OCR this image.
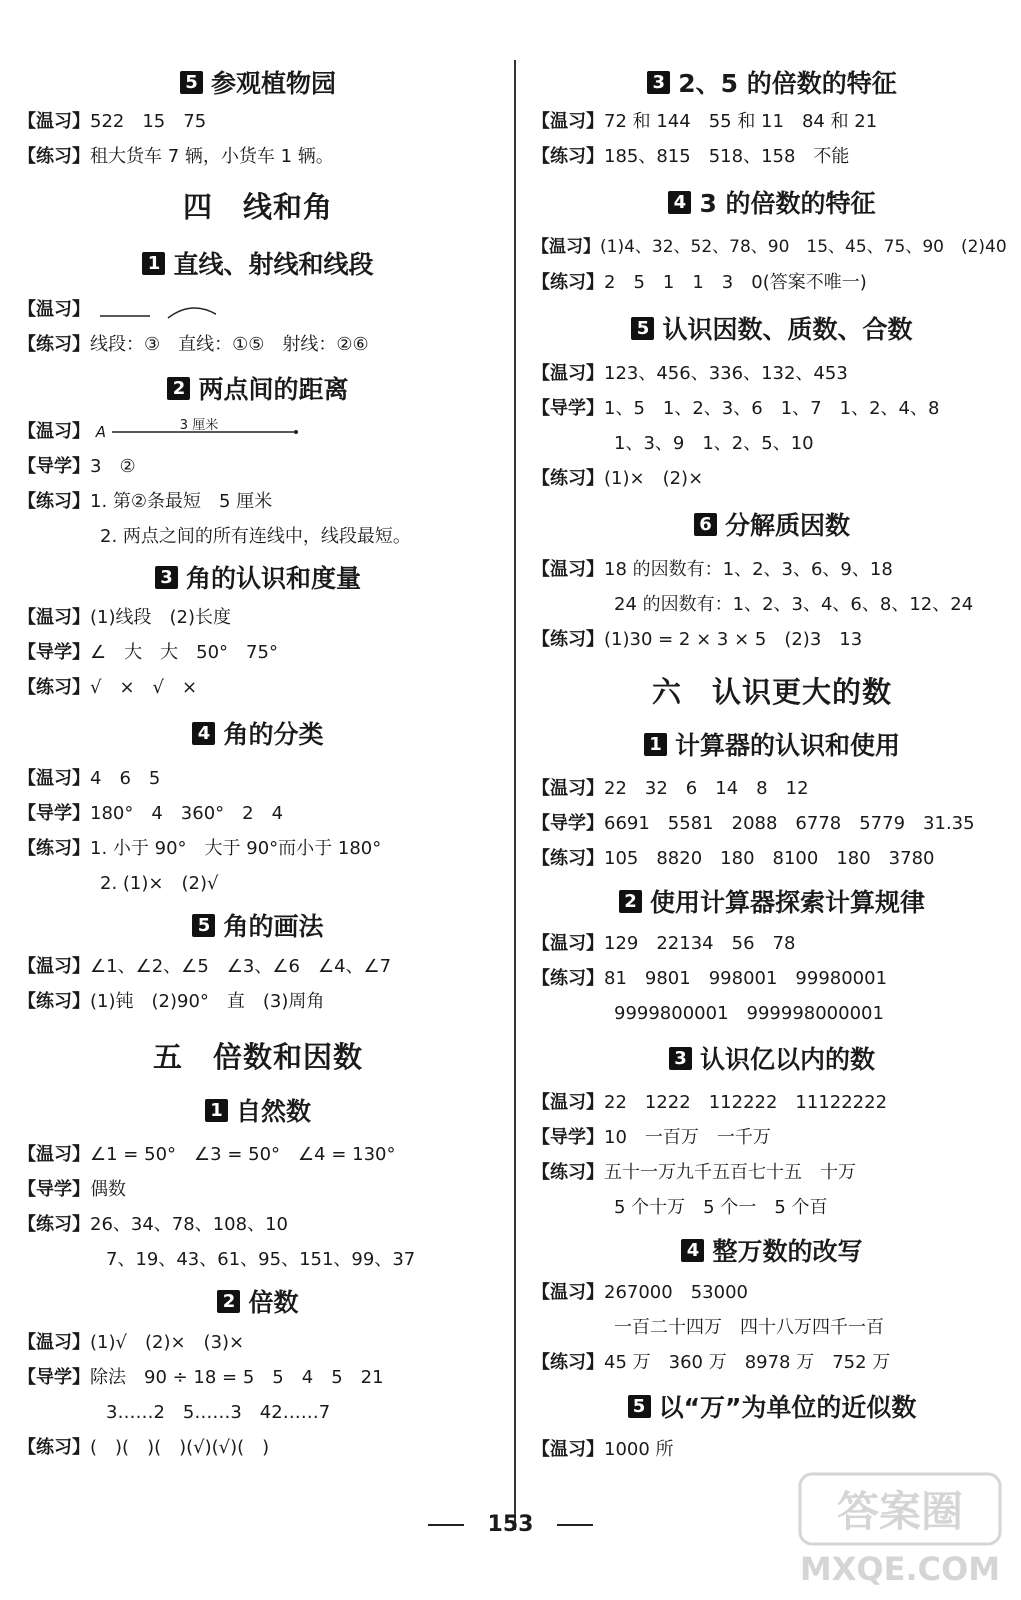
5 参观植物园
【温习】522　15　75
【练习】租大货车 7 辆，小货车 1 辆。
四　线和角
1 直线、射线和线段
【温习】
【练习】线段：③　直线：①⑤　射线：②⑥
2 两点间的距离
【温习】 A	3 厘米
【导学】3　②
【练习】1. 第②条最短　5 厘米
2. 两点之间的所有连线中，线段最短。
3 角的认识和度量
【温习】(1)线段　(2)长度
【导学】∠　大　大　50°　75°
【练习】√　×　√　×
4 角的分类
【温习】4　6　5
【导学】180°　4　360°　2　4
【练习】1. 小于 90°　大于 90°而小于 180°
2. (1)×　(2)√
5 角的画法
【温习】∠1、∠2、∠5　∠3、∠6　∠4、∠7
【练习】(1)钝　(2)90°　直　(3)周角
五　倍数和因数
1 自然数
【温习】∠1 = 50°　∠3 = 50°　∠4 = 130°
【导学】偶数
【练习】26、34、78、108、10
7、19、43、61、95、151、99、37
2 倍数
【温习】(1)√　(2)×　(3)×
【导学】除法　90 ÷ 18 = 5　5　4　5　21
3……2　5……3　42……7
【练习】(　)(　)(　)(√)(√)(　)
3 2、5 的倍数的特征
【温习】72 和 144　55 和 11　84 和 21
【练习】185、815　518、158　不能
4 3 的倍数的特征
【温习】(1)4、32、52、78、90　15、45、75、90　(2)40
【练习】2　5　1　1　3　0(答案不唯一)
5 认识因数、质数、合数
【温习】123、456、336、132、453
【导学】1、5　1、2、3、6　1、7　1、2、4、8
1、3、9　1、2、5、10
【练习】(1)×　(2)×
6 分解质因数
【温习】18 的因数有：1、2、3、6、9、18
24 的因数有：1、2、3、4、6、8、12、24
【练习】(1)30 = 2 × 3 × 5　(2)3　13
六　认识更大的数
1 计算器的认识和使用
【温习】22　32　6　14　8　12
【导学】6691　5581　2088　6778　5779　31.35
【练习】105　8820　180　8100　180　3780
2 使用计算器探索计算规律
【温习】129　22134　56　78
【练习】81　9801　998001　99980001
9999800001　999998000001
3 认识亿以内的数
【温习】22　1222　112222　11122222
【导学】10　一百万　一千万
【练习】五十一万九千五百七十五　十万
5 个十万　5 个一　5 个百
4 整万数的改写
【温习】267000　53000
一百二十四万　四十八万四千一百
【练习】45 万　360 万　8978 万　752 万
5 以“万”为单位的近似数
【温习】1000 所
153	答案圈
MXQE.COM
